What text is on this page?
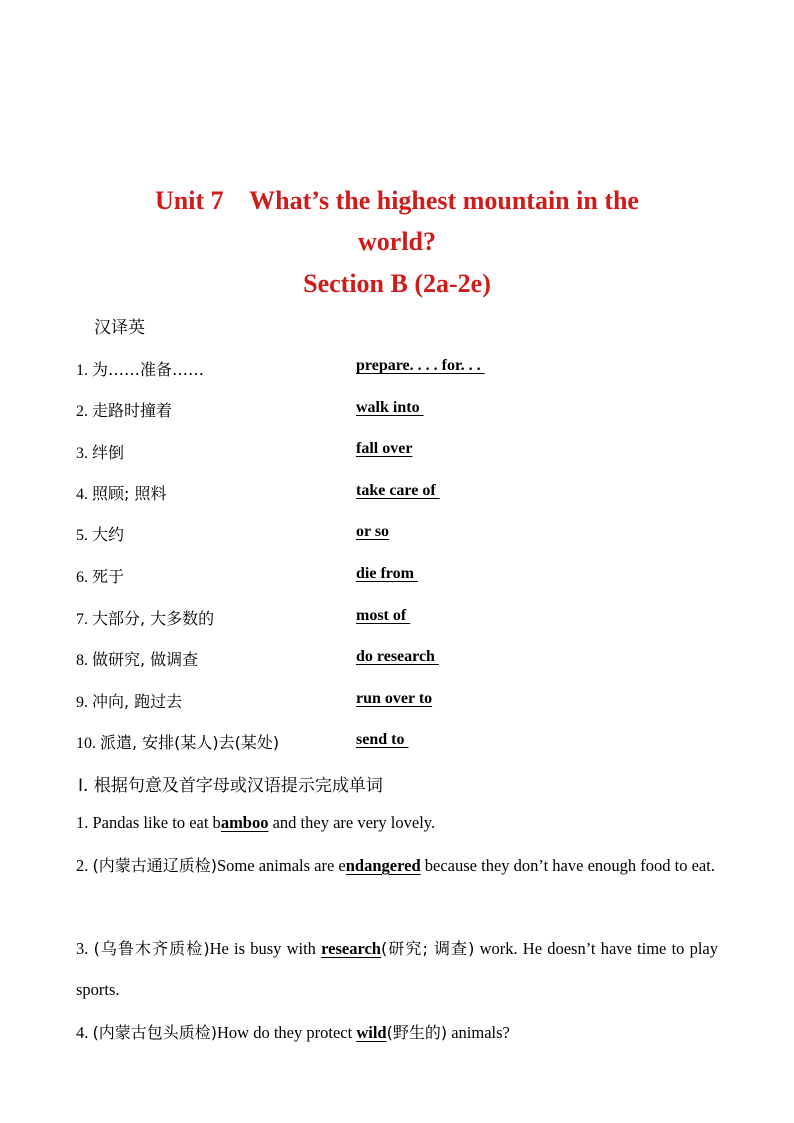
Unit 7    What’s the highest mountain in the
world?
Section B (2a-2e)
汉译英
1. 为……准备……	prepare. . . . for. . .
2. 走路时撞着	walk into
3. 绊倒	fall over
4. 照顾; 照料	take care of
5. 大约	or so
6. 死于	die from
7. 大部分, 大多数的	most of
8. 做研究, 做调查	do research
9. 冲向, 跑过去	run over to
10. 派遣, 安排(某人)去(某处)	send to
Ⅰ. 根据句意及首字母或汉语提示完成单词
1. Pandas like to eat bamboo and they are very lovely.
2. (内蒙古通辽质检)Some animals are endangered because they don’t have enough food to eat.
3. (乌鲁木齐质检)He is busy with research(研究; 调查) work. He doesn’t have time to play sports.
4. (内蒙古包头质检)How do they protect wild(野生的) animals?
